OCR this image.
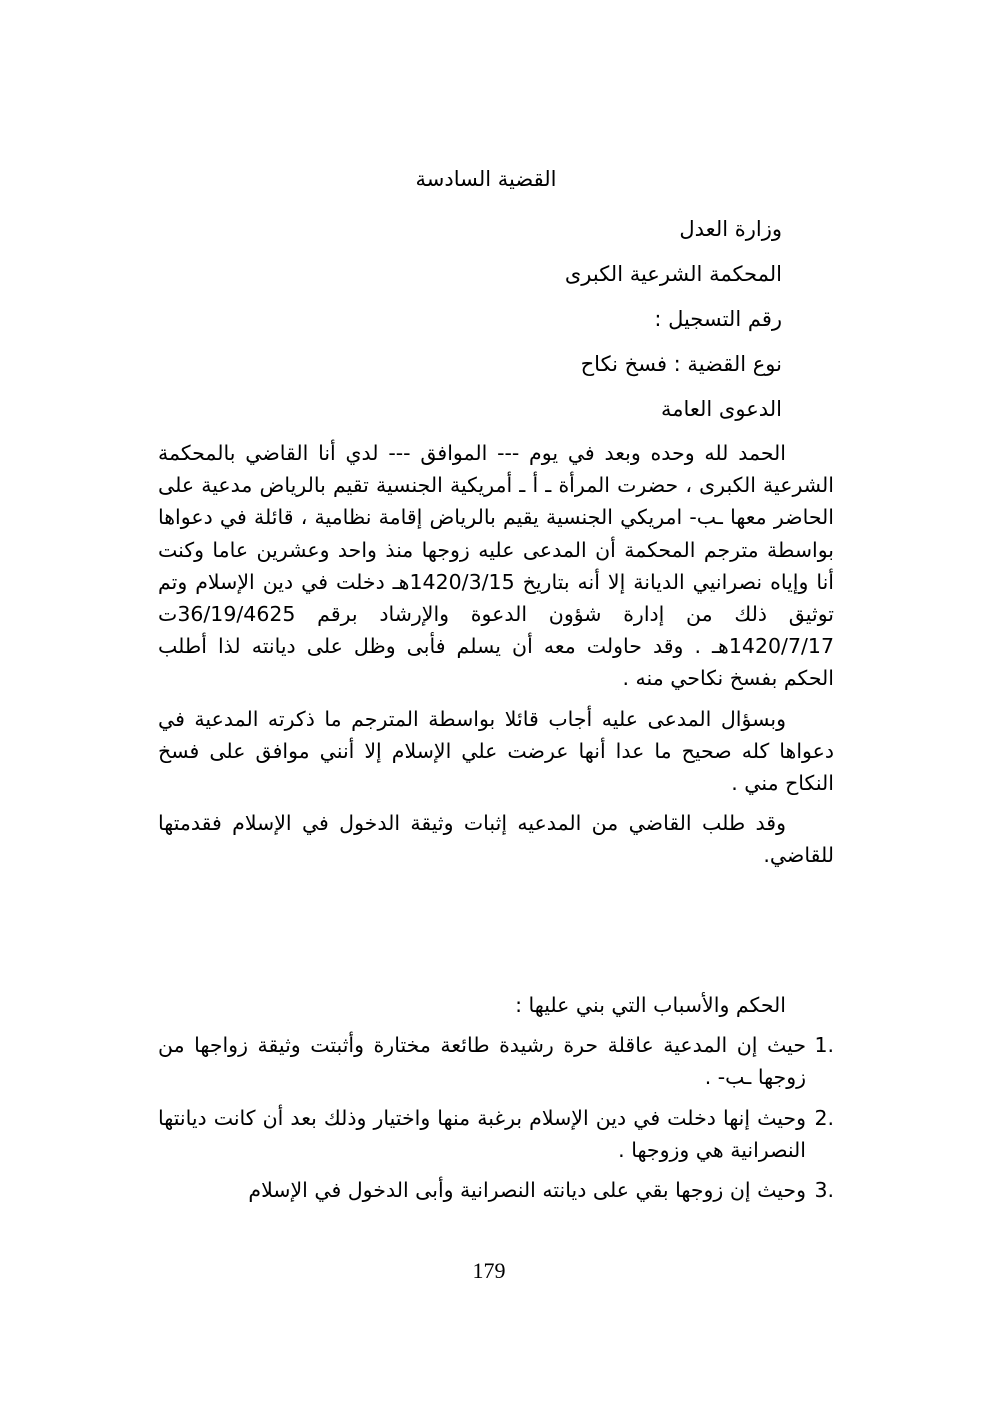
القضية السادسة
وزارة العدل
المحكمة الشرعية الكبرى
رقم التسجيل :
نوع القضية : فسخ نكاح
الدعوى العامة

الحمد لله وحده وبعد في يوم --- الموافق --- لدي أنا القاضي بالمحكمة الشرعية الكبرى ، حضرت المرأة ـ أ ـ أمريكية الجنسية تقيم بالرياض مدعية على الحاضر معها ـب- امريكي الجنسية يقيم بالرياض إقامة نظامية ، قائلة في دعواها بواسطة مترجم المحكمة أن المدعى عليه زوجها منذ واحد وعشرين عاما وكنت أنا وإياه نصرانيي الديانة إلا أنه بتاريخ 1420/3/15هـ دخلت في دين الإسلام وتم توثيق ذلك من إدارة شؤون الدعوة والإرشاد برقم 36/19/4625ت 1420/7/17هـ . وقد حاولت معه أن يسلم فأبى وظل على ديانته لذا أطلب الحكم بفسخ نكاحي منه .

وبسؤال المدعى عليه أجاب قائلا بواسطة المترجم ما ذكرته المدعية في دعواها كله صحيح ما عدا أنها عرضت علي الإسلام إلا أنني موافق على فسخ النكاح مني .

وقد طلب القاضي من المدعيه إثبات وثيقة الدخول في الإسلام فقدمتها للقاضي.

الحكم والأسباب التي بني عليها :
1.
حيث إن المدعية عاقلة حرة رشيدة طائعة مختارة وأثبتت وثيقة زواجها من زوجها ـب- .
2.
وحيث إنها دخلت في دين الإسلام برغبة منها واختيار وذلك بعد أن كانت ديانتها النصرانية هي وزوجها .
3.
وحيث إن زوجها بقي على ديانته النصرانية وأبى الدخول في الإسلام
179
